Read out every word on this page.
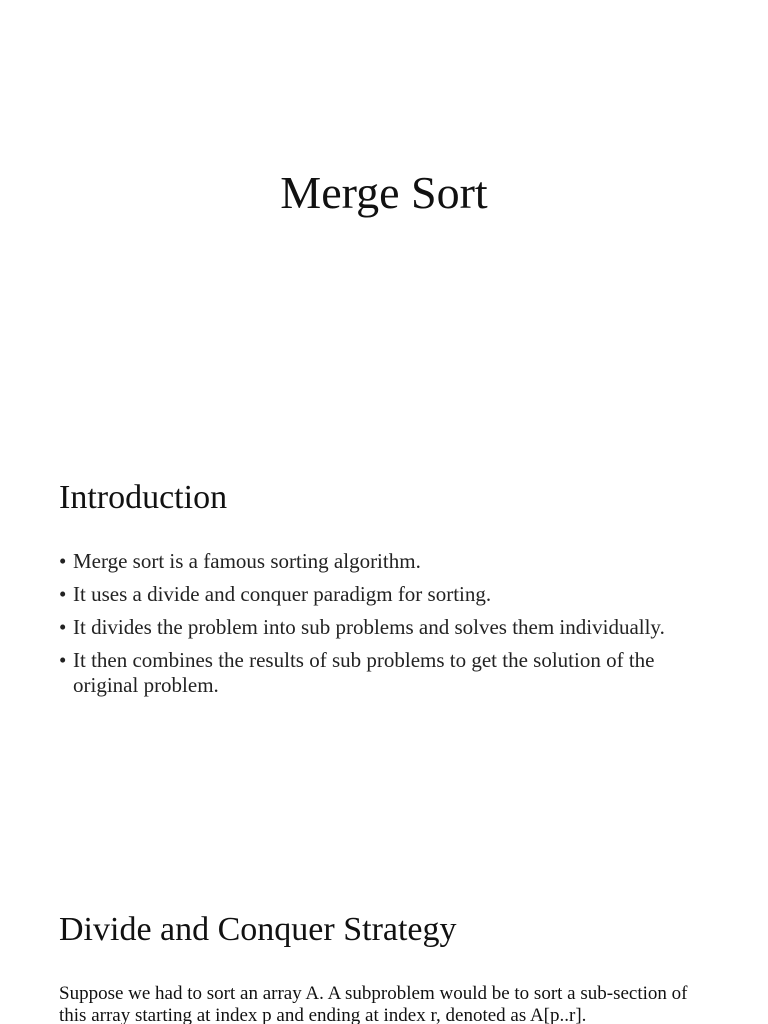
Merge Sort
Introduction
• Merge sort is a famous sorting algorithm.
• It uses a divide and conquer paradigm for sorting.
• It divides the problem into sub problems and solves them individually.
• It then combines the results of sub problems to get the solution of the original problem.
Divide and Conquer Strategy

Suppose we had to sort an array A. A subproblem would be to sort a sub-section of this array starting at index p and ending at index r, denoted as A[p..r].
